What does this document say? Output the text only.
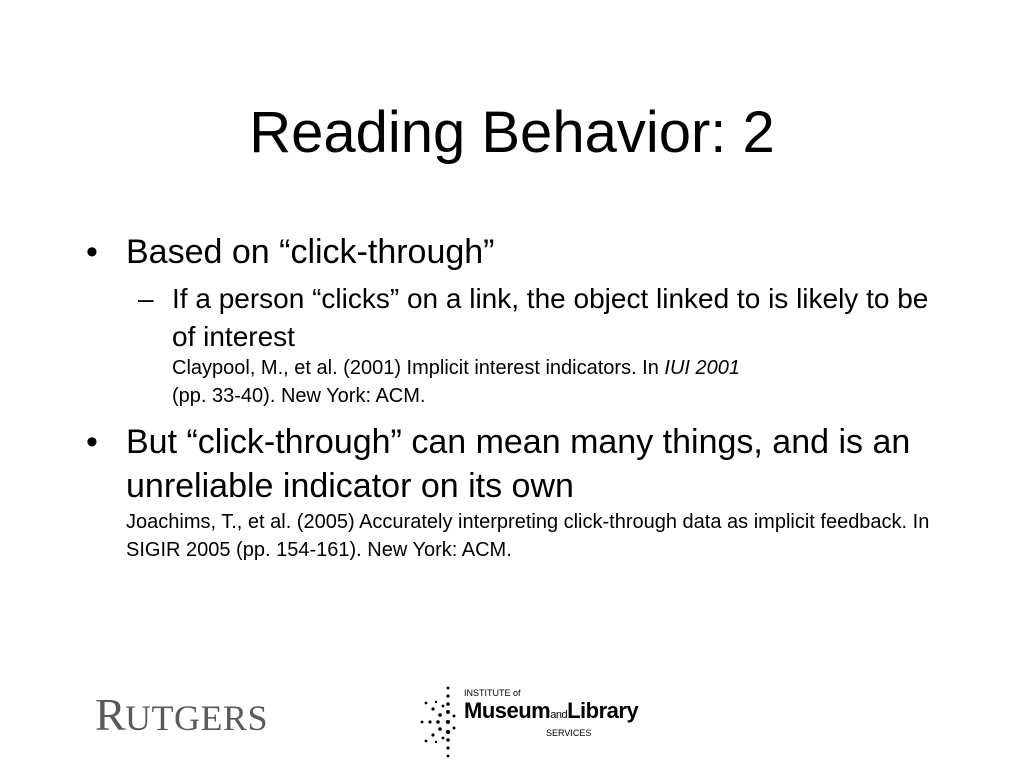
Reading Behavior: 2
• Based on “click-through”
– If a person “clicks” on a link, the object linked to is likely to be of interest
Claypool, M., et al. (2001) Implicit interest indicators. In IUI 2001
(pp. 33-40). New York: ACM.
• But “click-through” can mean many things, and is an unreliable indicator on its own
Joachims, T., et al. (2005) Accurately interpreting click-through data as implicit feedback. In SIGIR 2005 (pp. 154-161). New York: ACM.
R UTGERS
INSTITUTE of
MuseumandLibrary
SERVICES
